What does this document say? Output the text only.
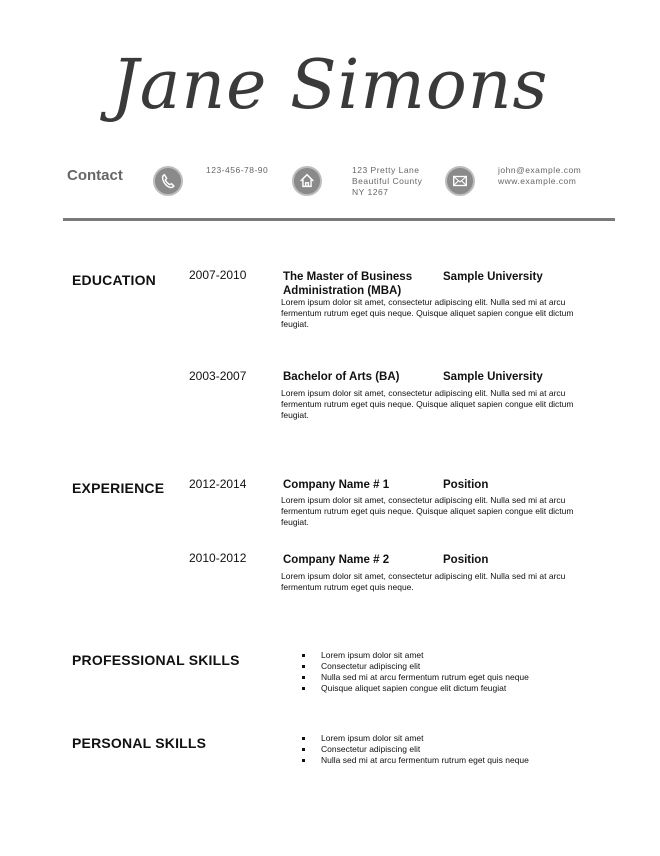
Jane Simons
Contact	123-456-78-90	123 Pretty Lane
Beautiful County
NY 1267
john@example.com
www.example.com
EDUCATION	2007-2010	The Master of Business Administration (MBA)
Sample University
Lorem ipsum dolor sit amet, consectetur adipiscing elit. Nulla sed mi at arcu fermentum rutrum eget quis neque. Quisque aliquet sapien congue elit dictum feugiat.
2003-2007	Bachelor of Arts (BA)	Sample University
Lorem ipsum dolor sit amet, consectetur adipiscing elit. Nulla sed mi at arcu fermentum rutrum eget quis neque. Quisque aliquet sapien congue elit dictum feugiat.
EXPERIENCE 2012-2014	Company Name # 1	Position
Lorem ipsum dolor sit amet, consectetur adipiscing elit. Nulla sed mi at arcu fermentum rutrum eget quis neque. Quisque aliquet sapien congue elit dictum feugiat.
2010-2012	Company Name # 2	Position
Lorem ipsum dolor sit amet, consectetur adipiscing elit. Nulla sed mi at arcu fermentum rutrum eget quis neque.
PROFESSIONAL SKILLS	Lorem ipsum dolor sit amet
Consectetur adipiscing elit
Nulla sed mi at arcu fermentum rutrum eget quis neque
Quisque aliquet sapien congue elit dictum feugiat
PERSONAL SKILLS	Lorem ipsum dolor sit amet
Consectetur adipiscing elit
Nulla sed mi at arcu fermentum rutrum eget quis neque
